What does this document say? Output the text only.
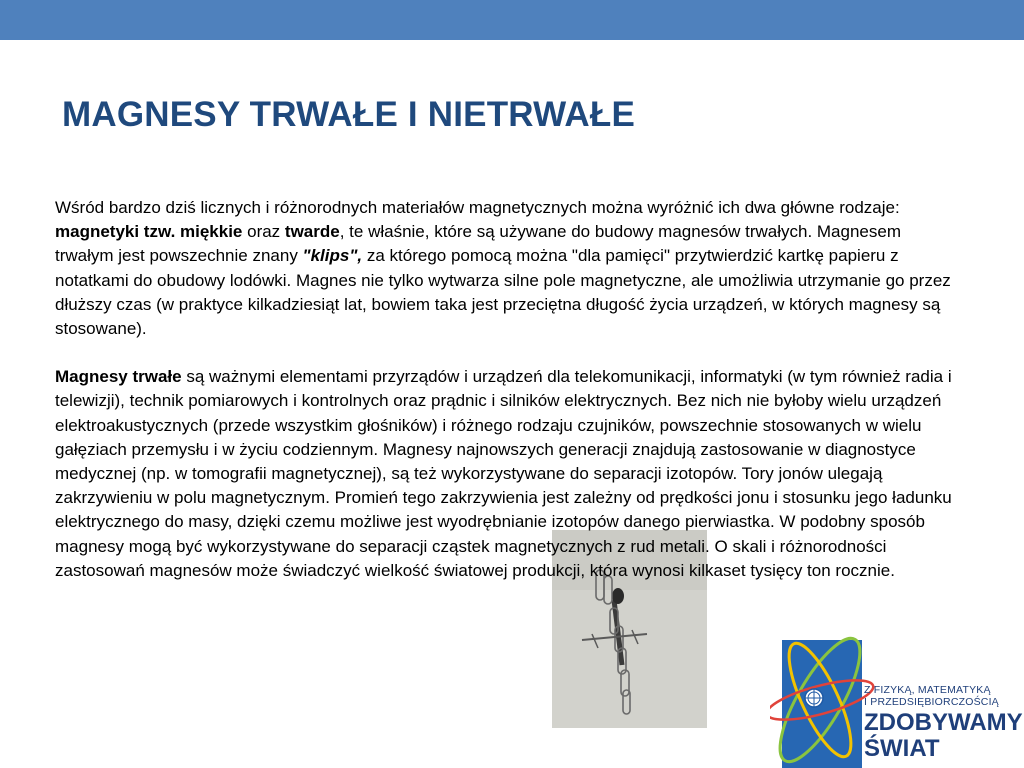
MAGNESY TRWAŁE I NIETRWAŁE

Wśród bardzo dziś licznych i różnorodnych materiałów magnetycznych można wyróżnić ich dwa główne rodzaje: magnetyki tzw. miękkie oraz twarde, te właśnie, które są używane do budowy magnesów trwałych. Magnesem trwałym jest powszechnie znany "klips", za którego pomocą można "dla pamięci" przytwierdzić kartkę papieru z notatkami do obudowy lodówki. Magnes nie tylko wytwarza silne pole magnetyczne, ale umożliwia utrzymanie go przez dłuższy czas (w praktyce kilkadziesiąt lat, bowiem taka jest przeciętna długość życia urządzeń, w których magnesy są stosowane).

Magnesy trwałe są ważnymi elementami przyrządów i urządzeń dla telekomunikacji, informatyki (w tym również radia i telewizji), technik pomiarowych i kontrolnych oraz prądnic i silników elektrycznych. Bez nich nie byłoby wielu urządzeń elektroakustycznych (przede wszystkim głośników) i różnego rodzaju czujników, powszechnie stosowanych w wielu gałęziach przemysłu i w życiu codziennym. Magnesy najnowszych generacji znajdują zastosowanie w diagnostyce medycznej (np. w tomografii magnetycznej), są też wykorzystywane do separacji izotopów. Tory jonów ulegają zakrzywieniu w polu magnetycznym. Promień tego zakrzywienia jest zależny od prędkości jonu i stosunku jego ładunku elektrycznego do masy, dzięki czemu możliwe jest wyodrębnianie izotopów danego pierwiastka. W podobny sposób magnesy mogą być wykorzystywane do separacji cząstek magnetycznych z rud metali. O skali i różnorodności zastosowań magnesów może świadczyć wielkość światowej produkcji, która wynosi kilkaset tysięcy ton rocznie.

Z FIZYKĄ, MATEMATYKĄ
I PRZEDSIĘBIORCZOŚCIĄ
ZDOBYWAMY
ŚWIAT
